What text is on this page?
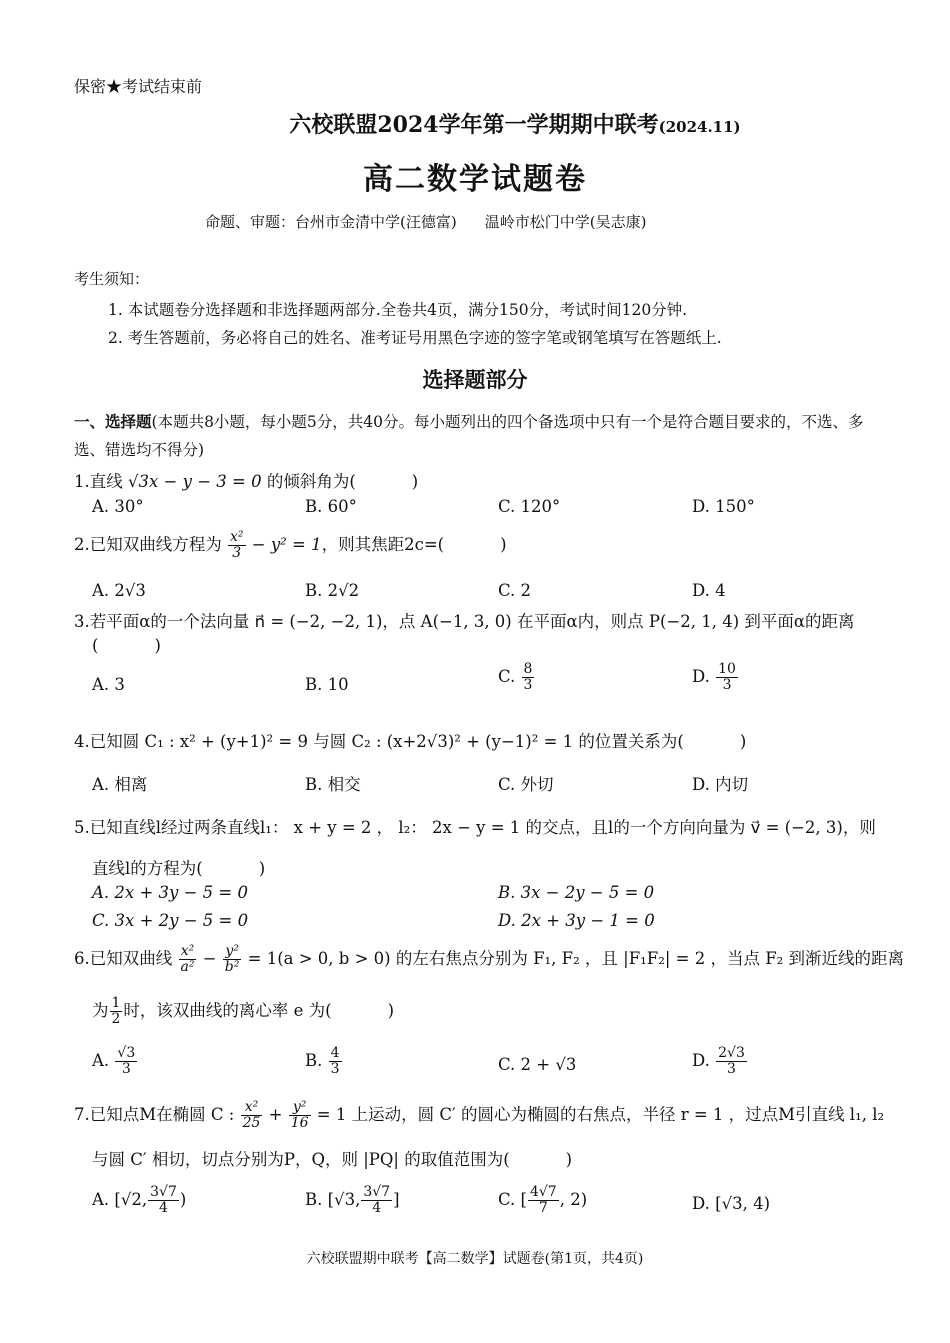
保密★考试结束前
六校联盟2024学年第一学期期中联考(2024.11)
高二数学试题卷
命题、审题：台州市金清中学(汪德富) 温岭市松门中学(吴志康)
考生须知：
1. 本试题卷分选择题和非选择题两部分.全卷共4页，满分150分，考试时间120分钟.
2. 考生答题前，务必将自己的姓名、准考证号用黑色字迹的签字笔或钢笔填写在答题纸上.
选择题部分
一、选择题(本题共8小题，每小题5分，共40分。每小题列出的四个备选项中只有一个是符合题目要求的，不选、多选、错选均不得分)
1.直线 √3x − y − 3 = 0 的倾斜角为(	)
A. 30°	B. 60°	C. 120°	D. 150°
2.已知双曲线方程为 $\frac{\text{x²}}{3} - y^2 = 1$，则其焦距2c=(	)
A. 2√3	B. 2√2	C. 2	D. 4
3.若平面α的一个法向量 n⃗ = (−2, −2, 1)，点 A(−1, 3, 0) 在平面α内，则点 P(−2, 1, 4) 到平面α的距离
(	)
A. 3	B. 10	C. $\frac{8}{3}$	D. $\frac{10}{3}$
4.已知圆 C₁ : x² + (y+1)² = 9 与圆 C₂ : (x+2√3)² + (y−1)² = 1 的位置关系为(	)
A. 相离	B. 相交	C. 外切	D. 内切
5.已知直线l经过两条直线l₁： x + y = 2 ， l₂： 2x − y = 1 的交点，且l的一个方向向量为 v⃗ = (−2, 3)，则
直线l的方程为(	)
A. 2x + 3y − 5 = 0	B. 3x − 2y − 5 = 0
C. 3x + 2y − 5 = 0	D. 2x + 3y − 1 = 0
6.已知双曲线 $\frac{\text{x²}}{\text{a²}} - \frac{\text{y²}}{\text{b²}} = 1(a > 0$, b > 0) 的左右焦点分别为 F₁, F₂ ，且 |F₁F₂| = 2 ，当点 F₂ 到渐近线的距离
为 $\frac{1}{2}$ 时，该双曲线的离心率 e 为(	)
A. $\frac{√3}{3}$	B. $\frac{4}{3}$	C. 2 + √3	D. $\frac{2√3}{3}$
7.已知点M在椭圆 C : $\frac{\text{x²}}{25} + \frac{\text{y²}}{16} = 1$ 上运动，圆 C′ 的圆心为椭圆的右焦点，半径 r = 1 ，过点M引直线 l₁, l₂
与圆 C′ 相切，切点分别为P，Q，则 |PQ| 的取值范围为(	)
A. [√2, $\frac{3√7}{4}$ )	B. [√3, $\frac{3√7}{4}$ ]	C. [ $\frac{4√7}{7}$ , 2)	D. [√3, 4)
六校联盟期中联考【高二数学】试题卷(第1页，共4页)
